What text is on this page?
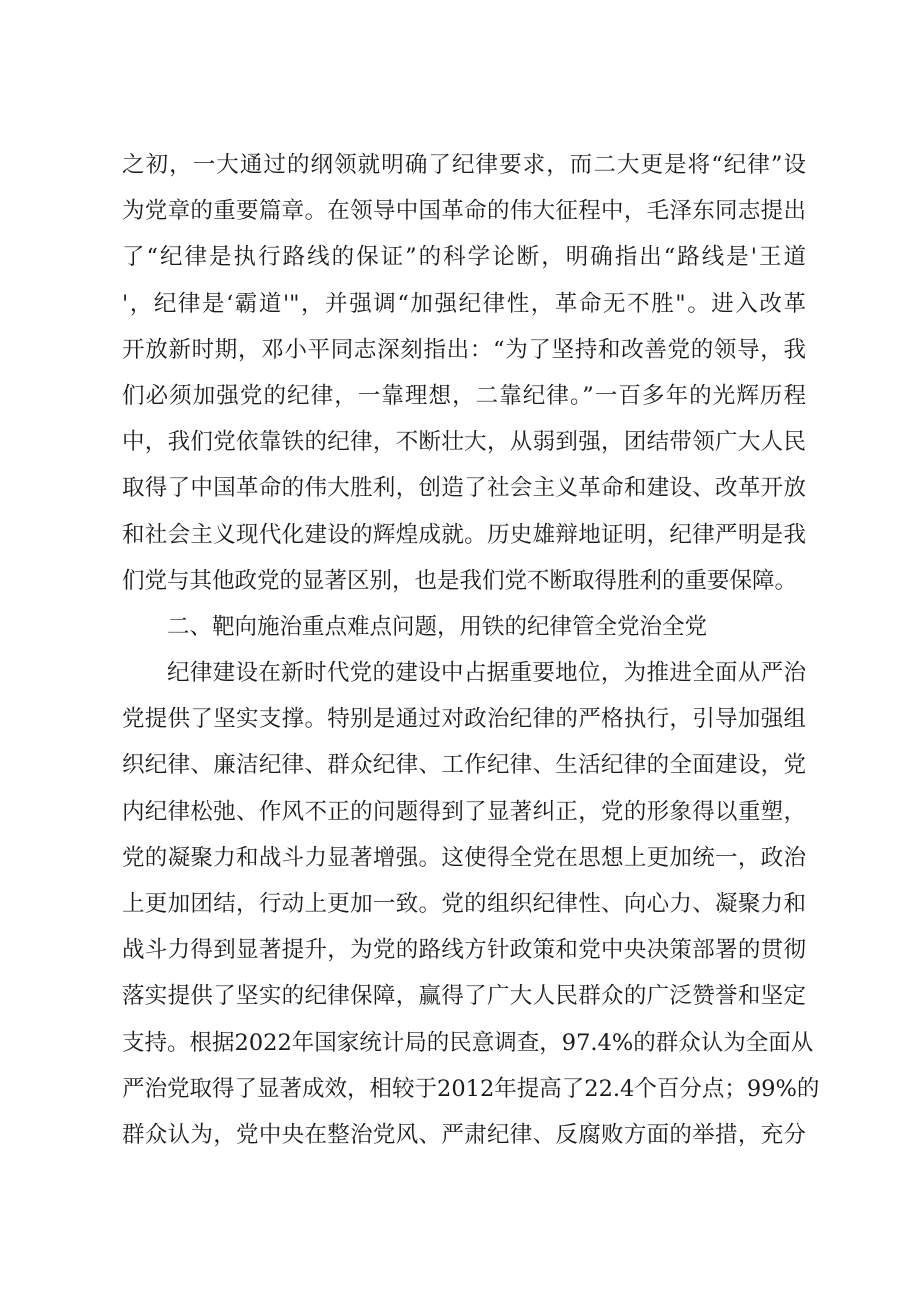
之初，一大通过的纲领就明确了纪律要求，而二大更是将“纪律”设
为党章的重要篇章。在领导中国革命的伟大征程中，毛泽东同志提出
了“纪律是执行路线的保证”的科学论断，明确指出“路线是'王道
'，纪律是‘霸道'"，并强调“加强纪律性，革命无不胜"。进入改革
开放新时期，邓小平同志深刻指出：“为了坚持和改善党的领导，我
们必须加强党的纪律，一靠理想，二靠纪律。”一百多年的光辉历程
中，我们党依靠铁的纪律，不断壮大，从弱到强，团结带领广大人民
取得了中国革命的伟大胜利，创造了社会主义革命和建设、改革开放
和社会主义现代化建设的辉煌成就。历史雄辩地证明，纪律严明是我
们党与其他政党的显著区别，也是我们党不断取得胜利的重要保障。
二、靶向施治重点难点问题，用铁的纪律管全党治全党
纪律建设在新时代党的建设中占据重要地位，为推进全面从严治
党提供了坚实支撑。特别是通过对政治纪律的严格执行，引导加强组
织纪律、廉洁纪律、群众纪律、工作纪律、生活纪律的全面建设，党
内纪律松弛、作风不正的问题得到了显著纠正，党的形象得以重塑，
党的凝聚力和战斗力显著增强。这使得全党在思想上更加统一，政治
上更加团结，行动上更加一致。党的组织纪律性、向心力、凝聚力和
战斗力得到显著提升，为党的路线方针政策和党中央决策部署的贯彻
落实提供了坚实的纪律保障，赢得了广大人民群众的广泛赞誉和坚定
支持。根据2022年国家统计局的民意调查，97.4%的群众认为全面从
严治党取得了显著成效，相较于2012年提高了22.4个百分点；99%的
群众认为，党中央在整治党风、严肃纪律、反腐败方面的举措，充分
